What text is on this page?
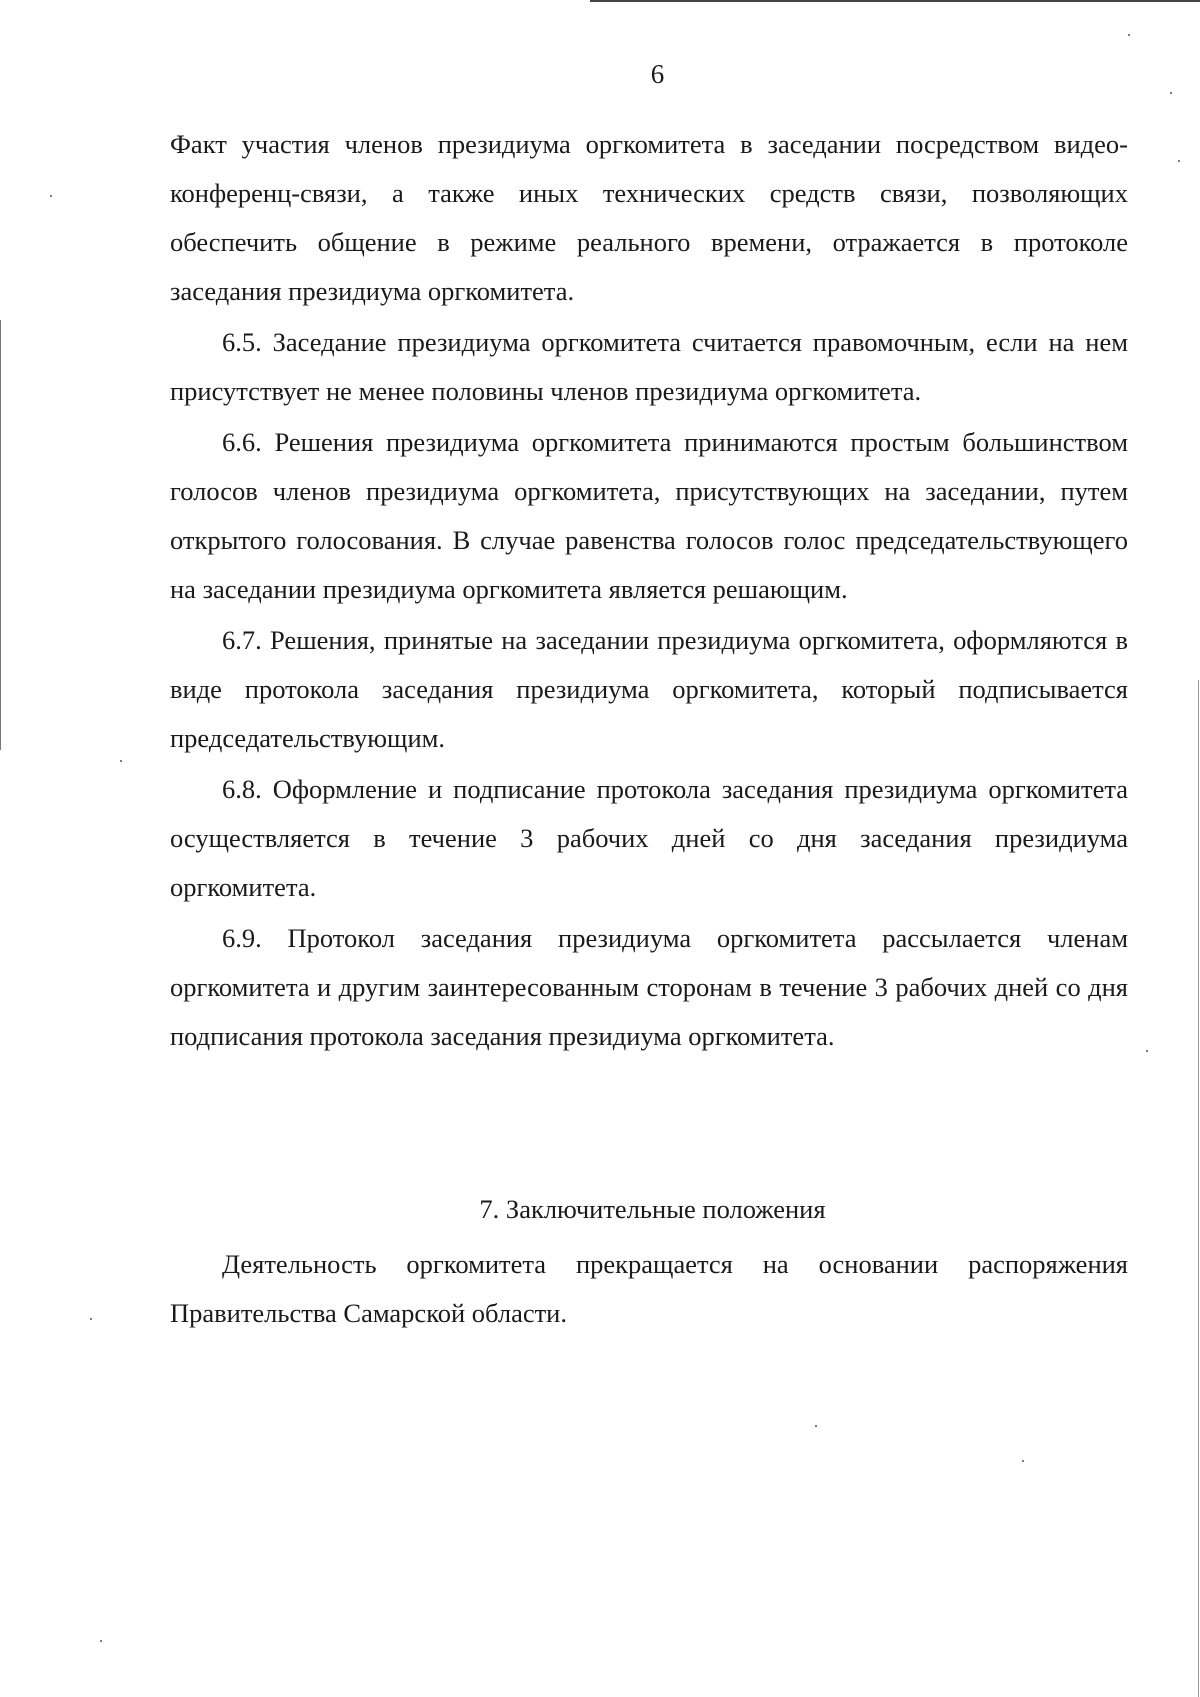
6

Факт участия членов президиума оргкомитета в заседании посредством видео-конференц-связи, а также иных технических средств связи, позволяющих обеспечить общение в режиме реального времени, отражается в протоколе заседания президиума оргкомитета.

6.5. Заседание президиума оргкомитета считается правомочным, если на нем присутствует не менее половины членов президиума оргкомитета.

6.6. Решения президиума оргкомитета принимаются простым большинством голосов членов президиума оргкомитета, присутствующих на заседании, путем открытого голосования. В случае равенства голосов голос председательствующего на заседании президиума оргкомитета является решающим.

6.7. Решения, принятые на заседании президиума оргкомитета, оформляются в виде протокола заседания президиума оргкомитета, который подписывается председательствующим.

6.8. Оформление и подписание протокола заседания президиума оргкомитета осуществляется в течение 3 рабочих дней со дня заседания президиума оргкомитета.

6.9. Протокол заседания президиума оргкомитета рассылается членам оргкомитета и другим заинтересованным сторонам в течение 3 рабочих дней со дня подписания протокола заседания президиума оргкомитета.

7. Заключительные положения
Деятельность оргкомитета прекращается на основании распоряжения Правительства Самарской области.
